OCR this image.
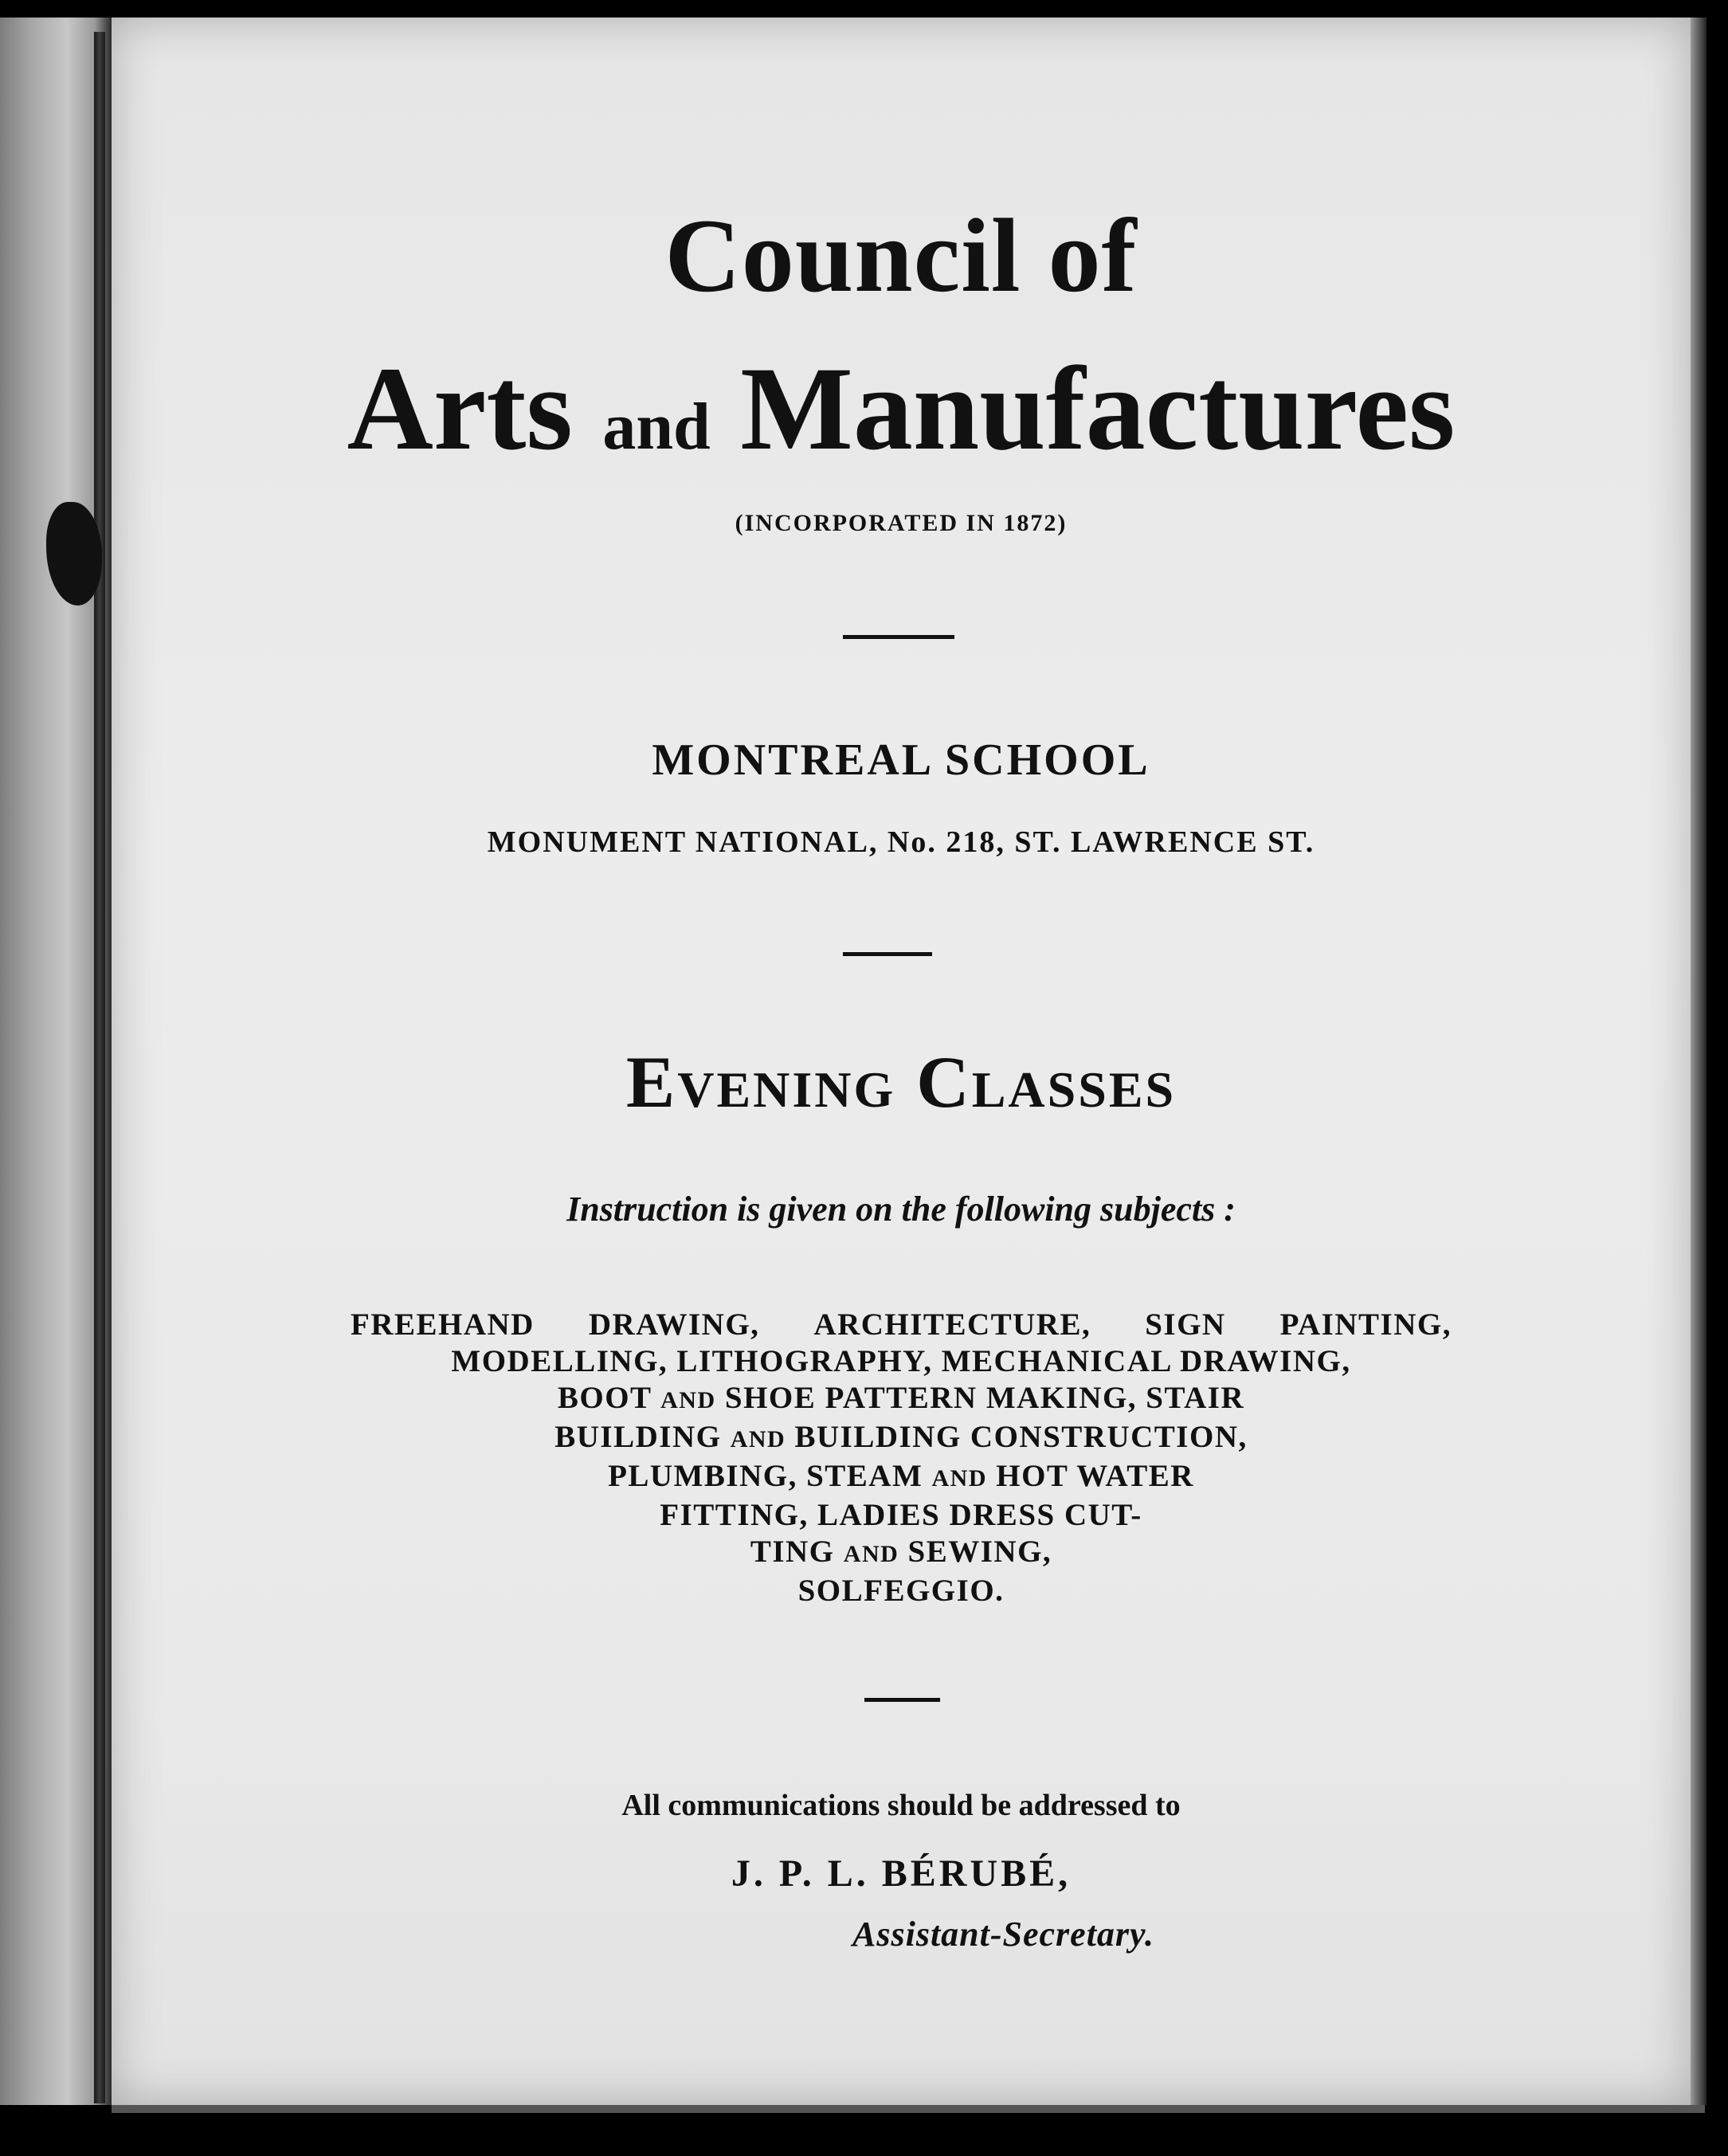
Council of
Arts and Manufactures
(INCORPORATED IN 1872)
MONTREAL SCHOOL
MONUMENT NATIONAL, No. 218, ST. LAWRENCE ST.
Evening Classes
Instruction is given on the following subjects :
FREEHAND DRAWING, ARCHITECTURE, SIGN PAINTING,
MODELLING, LITHOGRAPHY, MECHANICAL DRAWING,
BOOT AND SHOE PATTERN MAKING, STAIR
BUILDING AND BUILDING CONSTRUCTION,
PLUMBING, STEAM AND HOT WATER
FITTING, LADIES DRESS CUT-
TING AND SEWING,
SOLFEGGIO.
All communications should be addressed to
J. P. L. BÉRUBÉ,
Assistant-Secretary.
